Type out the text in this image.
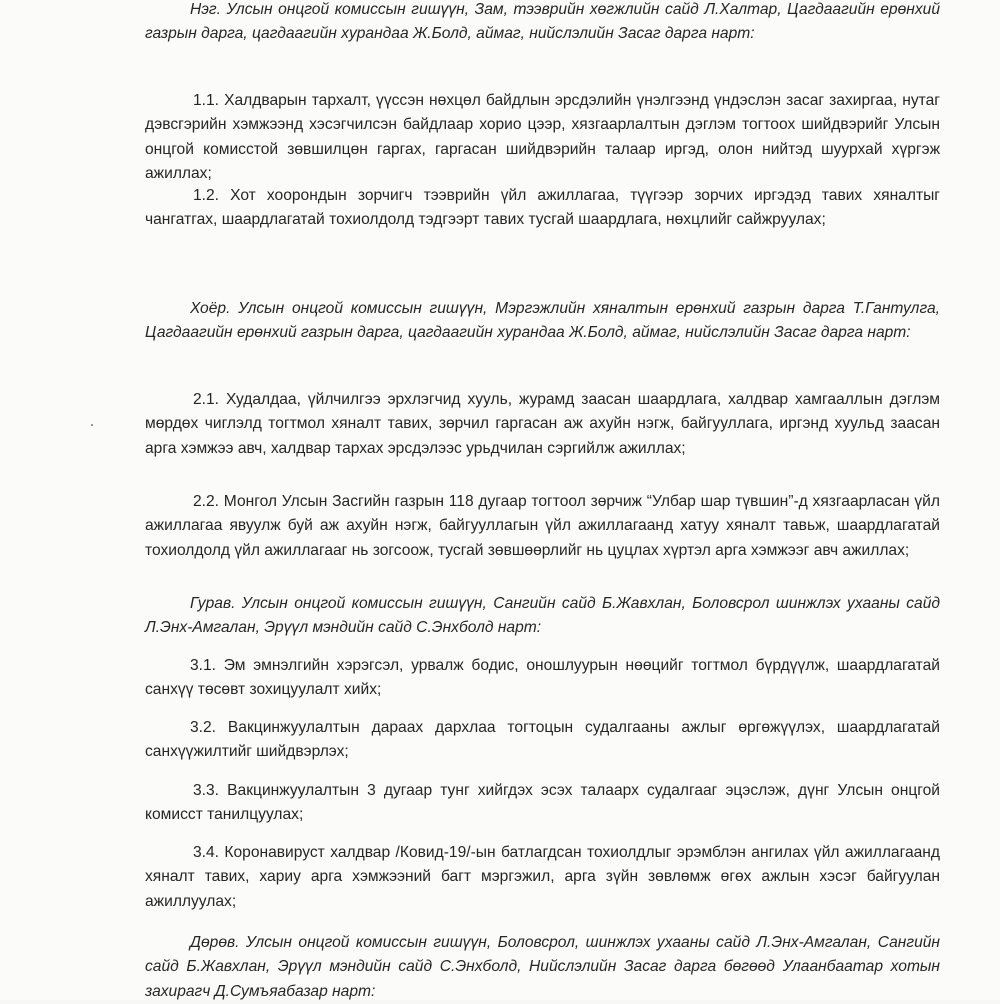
Нэг. Улсын онцгой комиссын гишүүн, Зам, тээврийн хөгжлийн сайд Л.Халтар, Цагдаагийн ерөнхий газрын дарга, цагдаагийн хурандаа Ж.Болд, аймаг, нийслэлийн Засаг дарга нарт:

1.1. Халдварын тархалт, үүссэн нөхцөл байдлын эрсдэлийн үнэлгээнд үндэслэн засаг захиргаа, нутаг дэвсгэрийн хэмжээнд хэсэгчилсэн байдлаар хорио цээр, хязгаарлалтын дэглэм тогтоох шийдвэрийг Улсын онцгой комисстой зөвшилцөн гаргах, гаргасан шийдвэрийн талаар иргэд, олон нийтэд шуурхай хүргэж ажиллах;

1.2. Хот хоорондын зорчигч тээврийн үйл ажиллагаа, түүгээр зорчих иргэдэд тавих хяналтыг чангатгах, шаардлагатай тохиолдолд тэдгээрт тавих тусгай шаардлага, нөхцлийг сайжруулах;

Хоёр. Улсын онцгой комиссын гишүүн, Мэргэжлийн хяналтын ерөнхий газрын дарга Т.Гантулга, Цагдаагийн ерөнхий газрын дарга, цагдаагийн хурандаа Ж.Болд, аймаг, нийслэлийн Засаг дарга нарт:

2.1. Худалдаа, үйлчилгээ эрхлэгчид хууль, журамд заасан шаардлага, халдвар хамгааллын дэглэм мөрдөх чиглэлд тогтмол хяналт тавих, зөрчил гаргасан аж ахуйн нэгж, байгууллага, иргэнд хуульд заасан арга хэмжээ авч, халдвар тархах эрсдэлээс урьдчилан сэргийлж ажиллах;

2.2. Монгол Улсын Засгийн газрын 118 дугаар тогтоол зөрчиж “Улбар шар түвшин”-д хязгаарласан үйл ажиллагаа явуулж буй аж ахуйн нэгж, байгууллагын үйл ажиллагаанд хатуу хяналт тавьж, шаардлагатай тохиолдолд үйл ажиллагааг нь зогсоож, тусгай зөвшөөрлийг нь цуцлах хүртэл арга хэмжээг авч ажиллах;

Гурав. Улсын онцгой комиссын гишүүн, Сангийн сайд Б.Жавхлан, Боловсрол шинжлэх ухааны сайд Л.Энх-Амгалан, Эрүүл мэндийн сайд С.Энхболд нарт:

3.1. Эм эмнэлгийн хэрэгсэл, урвалж бодис, оношлуурын нөөцийг тогтмол бүрдүүлж, шаардлагатай санхүү төсөвт зохицуулалт хийх;

3.2. Вакцинжуулалтын дараах дархлаа тогтоцын судалгааны ажлыг өргөжүүлэх, шаардлагатай санхүүжилтийг шийдвэрлэх;

3.3. Вакцинжуулалтын 3 дугаар тунг хийгдэх эсэх талаарх судалгааг эцэслэж, дүнг Улсын онцгой комисст танилцуулах;

3.4. Коронавируст халдвар /Ковид-19/-ын батлагдсан тохиолдлыг эрэмблэн ангилах үйл ажиллагаанд хяналт тавих, хариу арга хэмжээний багт мэргэжил, арга зүйн зөвлөмж өгөх ажлын хэсэг байгуулан ажиллуулах;

Дөрөв. Улсын онцгой комиссын гишүүн, Боловсрол, шинжлэх ухааны сайд Л.Энх-Амгалан, Сангийн сайд Б.Жавхлан, Эрүүл мэндийн сайд С.Энхболд, Нийслэлийн Засаг дарга бөгөөд Улаанбаатар хотын захирагч Д.Сумъяабазар нарт:
